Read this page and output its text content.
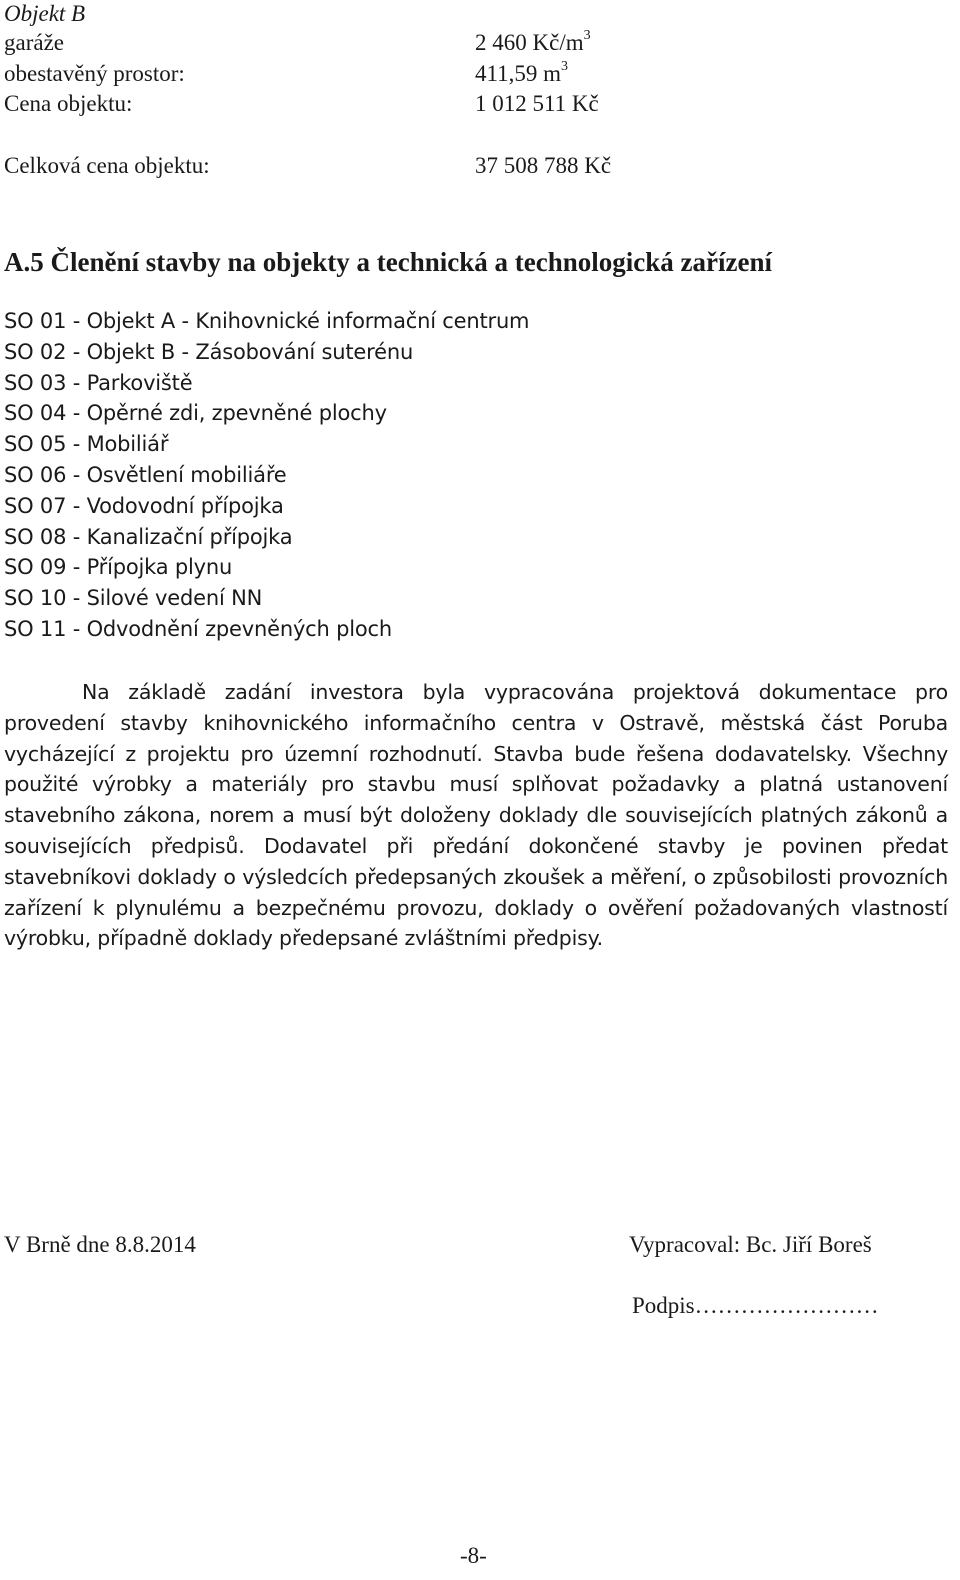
Objekt B
garáže	2 460 $Kč/m^3$
obestavěný prostor:	411,59 $m^3$
Cena objektu:	1 012 511 Kč
Celková cena objektu:	37 508 788 Kč
A.5 Členění stavby na objekty a technická a technologická zařízení
SO 01 - Objekt A - Knihovnické informační centrum
SO 02 - Objekt B - Zásobování suterénu
SO 03 - Parkoviště
SO 04 - Opěrné zdi, zpevněné plochy
SO 05 - Mobiliář
SO 06 - Osvětlení mobiliáře
SO 07 - Vodovodní přípojka
SO 08 - Kanalizační přípojka
SO 09 - Přípojka plynu
SO 10 - Silové vedení NN
SO 11 - Odvodnění zpevněných ploch
Na základě zadání investora byla vypracována projektová dokumentace pro provedení stavby knihovnického informačního centra v Ostravě, městská část Poruba vycházející z projektu pro územní rozhodnutí. Stavba bude řešena dodavatelsky. Všechny použité výrobky a materiály pro stavbu musí splňovat požadavky a platná ustanovení stavebního zákona, norem a musí být doloženy doklady dle souvisejících platných zákonů a souvisejících předpisů. Dodavatel při předání dokončené stavby je povinen předat stavebníkovi doklady o výsledcích předepsaných zkoušek a měření, o způsobilosti provozních zařízení k plynulému a bezpečnému provozu, doklady o ověření požadovaných vlastností výrobku, případně doklady předepsané zvláštními předpisy.
V Brně dne 8.8.2014	Vypracoval: Bc. Jiří Boreš
Podpis……………………
-8-
